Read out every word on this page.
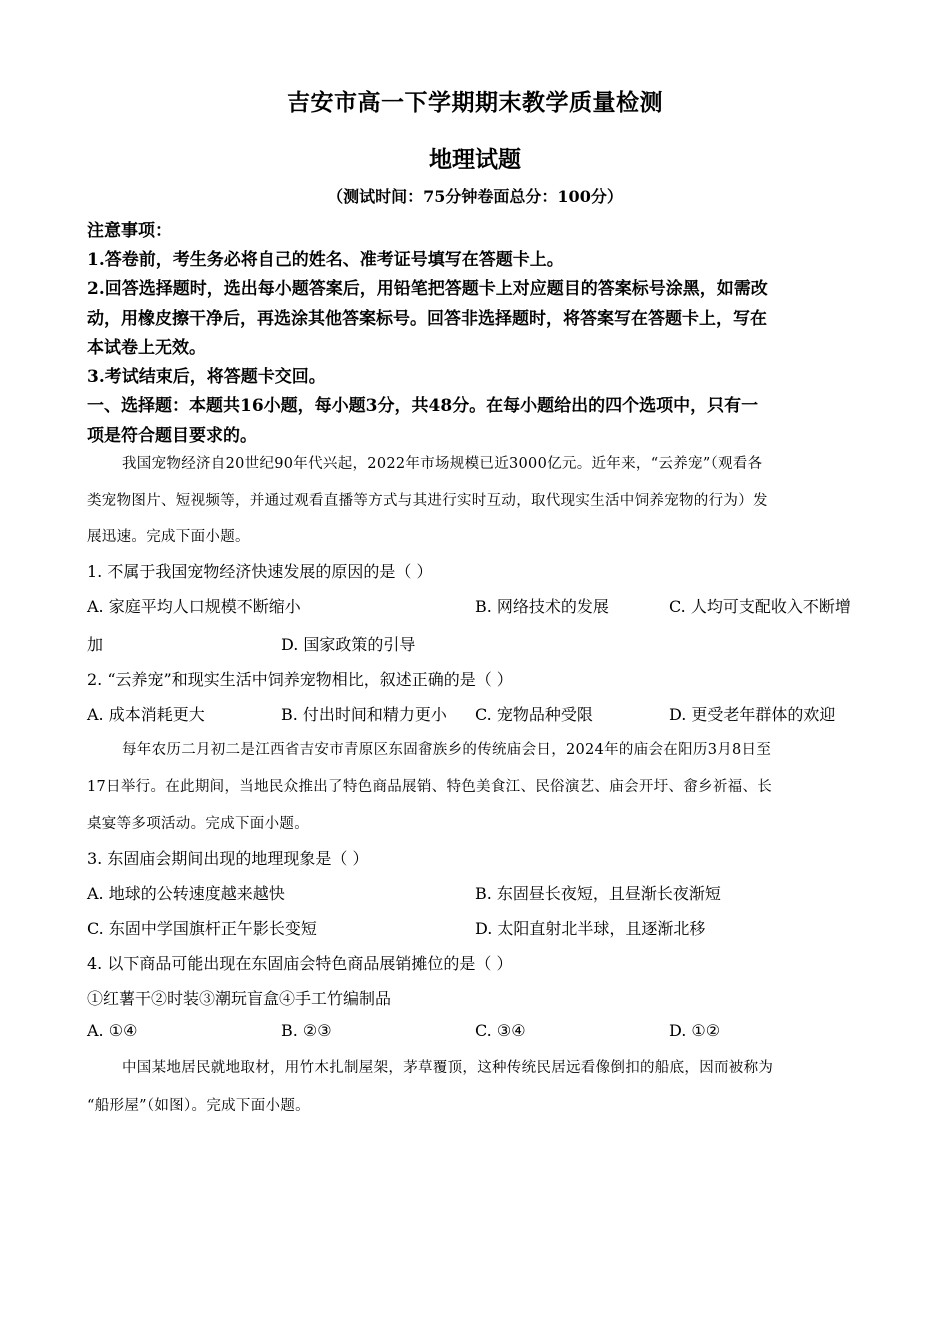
吉安市高一下学期期末教学质量检测
地理试题
（测试时间：75分钟卷面总分：100分）
注意事项：
1.答卷前，考生务必将自己的姓名、准考证号填写在答题卡上。
2.回答选择题时，选出每小题答案后，用铅笔把答题卡上对应题目的答案标号涂黑，如需改
动，用橡皮擦干净后，再选涂其他答案标号。回答非选择题时，将答案写在答题卡上，写在
本试卷上无效。
3.考试结束后，将答题卡交回。
一、选择题：本题共16小题，每小题3分，共48分。在每小题给出的四个选项中，只有一
项是符合题目要求的。
我国宠物经济自20世纪90年代兴起，2022年市场规模已近3000亿元。近年来，“云养宠”（观看各
类宠物图片、短视频等，并通过观看直播等方式与其进行实时互动，取代现实生活中饲养宠物的行为）发
展迅速。完成下面小题。
1. 不属于我国宠物经济快速发展的原因的是（ ）
A. 家庭平均人口规模不断缩小	B. 网络技术的发展	C. 人均可支配收入不断增
加	D. 国家政策的引导
2. “云养宠”和现实生活中饲养宠物相比，叙述正确的是（ ）
A. 成本消耗更大	B. 付出时间和精力更小 C. 宠物品种受限	D. 更受老年群体的欢迎
每年农历二月初二是江西省吉安市青原区东固畲族乡的传统庙会日，2024年的庙会在阳历3月8日至
17日举行。在此期间，当地民众推出了特色商品展销、特色美食江、民俗演艺、庙会开圩、畲乡祈福、长
桌宴等多项活动。完成下面小题。
3. 东固庙会期间出现的地理现象是（ ）
A. 地球的公转速度越来越快	B. 东固昼长夜短，且昼渐长夜渐短
C. 东固中学国旗杆正午影长变短	D. 太阳直射北半球，且逐渐北移
4. 以下商品可能出现在东固庙会特色商品展销摊位的是（ ）
①红薯干②时装③潮玩盲盒④手工竹编制品
A. ①④	B. ②③	C. ③④	D. ①②
中国某地居民就地取材，用竹木扎制屋架，茅草覆顶，这种传统民居远看像倒扣的船底，因而被称为
“船形屋”（如图）。完成下面小题。
